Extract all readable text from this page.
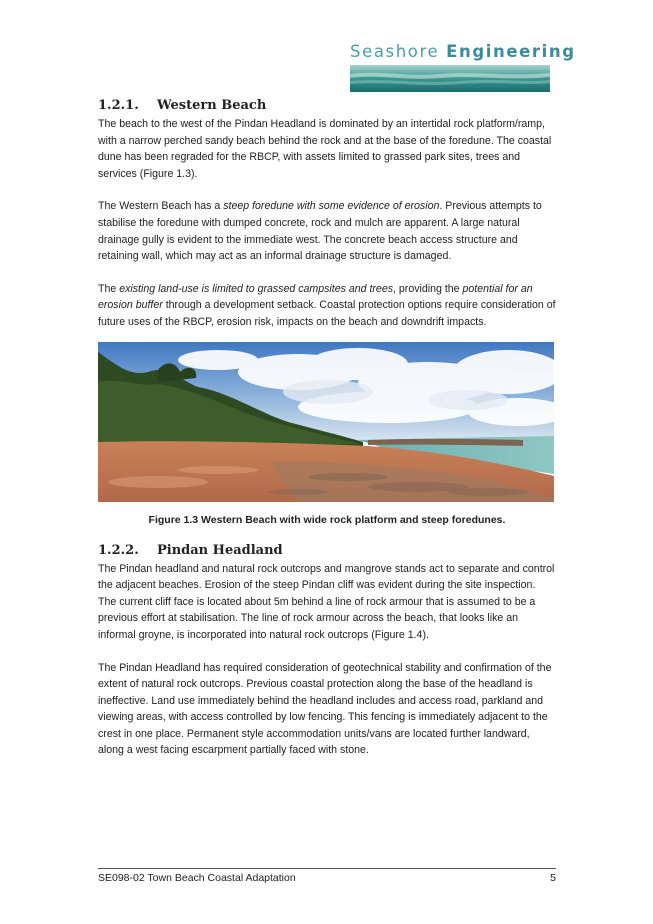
Seashore Engineering
1.2.1. Western Beach

The beach to the west of the Pindan Headland is dominated by an intertidal rock platform/ramp, with a narrow perched sandy beach behind the rock and at the base of the foredune. The coastal dune has been regraded for the RBCP, with assets limited to grassed park sites, trees and services (Figure 1.3).

The Western Beach has a steep foredune with some evidence of erosion. Previous attempts to stabilise the foredune with dumped concrete, rock and mulch are apparent. A large natural drainage gully is evident to the immediate west. The concrete beach access structure and retaining wall, which may act as an informal drainage structure is damaged.

The existing land-use is limited to grassed campsites and trees, providing the potential for an erosion buffer through a development setback. Coastal protection options require consideration of future uses of the RBCP, erosion risk, impacts on the beach and downdrift impacts.

Figure 1.3 Western Beach with wide rock platform and steep foredunes.
1.2.2. Pindan Headland

The Pindan headland and natural rock outcrops and mangrove stands act to separate and control the adjacent beaches. Erosion of the steep Pindan cliff was evident during the site inspection. The current cliff face is located about 5m behind a line of rock armour that is assumed to be a previous effort at stabilisation. The line of rock armour across the beach, that looks like an informal groyne, is incorporated into natural rock outcrops (Figure 1.4).

The Pindan Headland has required consideration of geotechnical stability and confirmation of the extent of natural rock outcrops. Previous coastal protection along the base of the headland is ineffective. Land use immediately behind the headland includes and access road, parkland and viewing areas, with access controlled by low fencing. This fencing is immediately adjacent to the crest in one place. Permanent style accommodation units/vans are located further landward, along a west facing escarpment partially faced with stone.

SE098-02 Town Beach Coastal Adaptation	5
